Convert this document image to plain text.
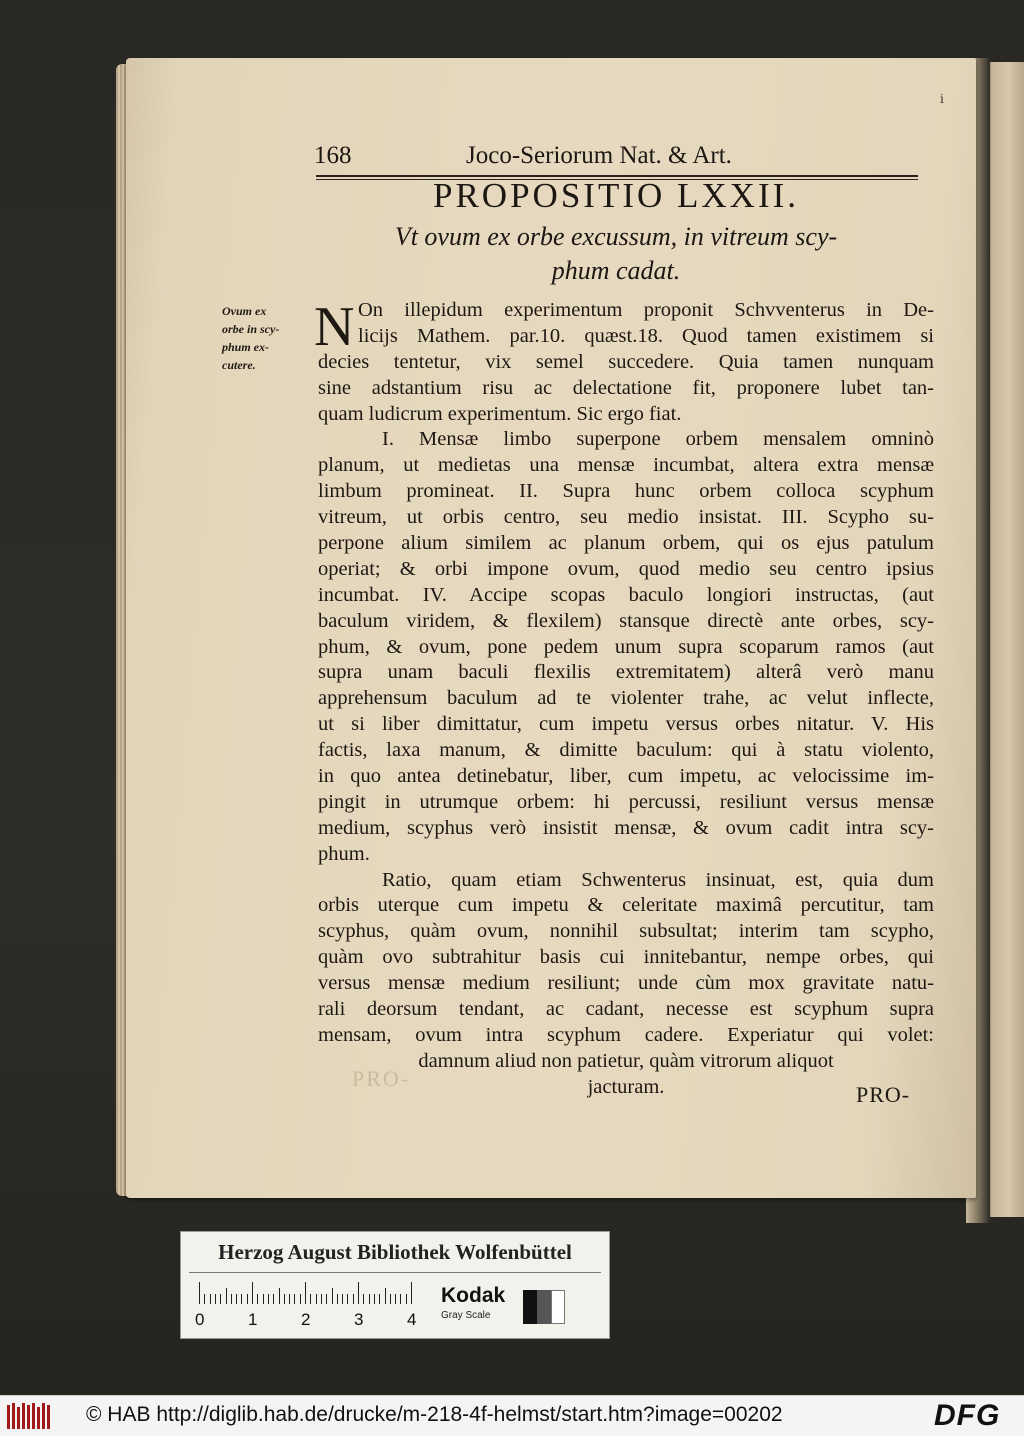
i
168	Joco-Seriorum Nat. & Art.
PROPOSITIO LXXII.
Vt ovum ex orbe excussum, in vitreum scy-
phum cadat.
Ovum ex
orbe in scy-
phum ex-
cutere.
N On illepidum experimentum proponit Schvventerus in De-
licijs Mathem. par.10. quæst.18. Quod tamen existimem si
decies tentetur, vix semel succedere. Quia tamen nunquam
sine adstantium risu ac delectatione fit, proponere lubet tan-
quam ludicrum experimentum. Sic ergo fiat.
I. Mensæ limbo superpone orbem mensalem omninò
planum, ut medietas una mensæ incumbat, altera extra mensæ
limbum promineat. II. Supra hunc orbem colloca scyphum
vitreum, ut orbis centro, seu medio insistat. III. Scypho su-
perpone alium similem ac planum orbem, qui os ejus patulum
operiat; & orbi impone ovum, quod medio seu centro ipsius
incumbat. IV. Accipe scopas baculo longiori instructas, (aut
baculum viridem, & flexilem) stansque directè ante orbes, scy-
phum, & ovum, pone pedem unum supra scoparum ramos (aut
supra unam baculi flexilis extremitatem) alterâ verò manu
apprehensum baculum ad te violenter trahe, ac velut inflecte,
ut si liber dimittatur, cum impetu versus orbes nitatur. V. His
factis, laxa manum, & dimitte baculum: qui à statu violento,
in quo antea detinebatur, liber, cum impetu, ac velocissime im-
pingit in utrumque orbem: hi percussi, resiliunt versus mensæ
medium, scyphus verò insistit mensæ, & ovum cadit intra scy-
phum.
Ratio, quam etiam Schwenterus insinuat, est, quia dum
orbis uterque cum impetu & celeritate maximâ percutitur, tam
scyphus, quàm ovum, nonnihil subsultat; interim tam scypho,
quàm ovo subtrahitur basis cui innitebantur, nempe orbes, qui
versus mensæ medium resiliunt; unde cùm mox gravitate natu-
rali deorsum tendant, ac cadant, necesse est scyphum supra
mensam, ovum intra scyphum cadere. Experiatur qui volet:
damnum aliud non patietur, quàm vitrorum aliquot
jacturam.
PRO-
PRO-
Herzog August Bibliothek Wolfenbüttel
Kodak
Gray Scale
0	1	2	3	4
© HAB http://diglib.hab.de/drucke/m-218-4f-helmst/start.htm?image=00202	DFG
